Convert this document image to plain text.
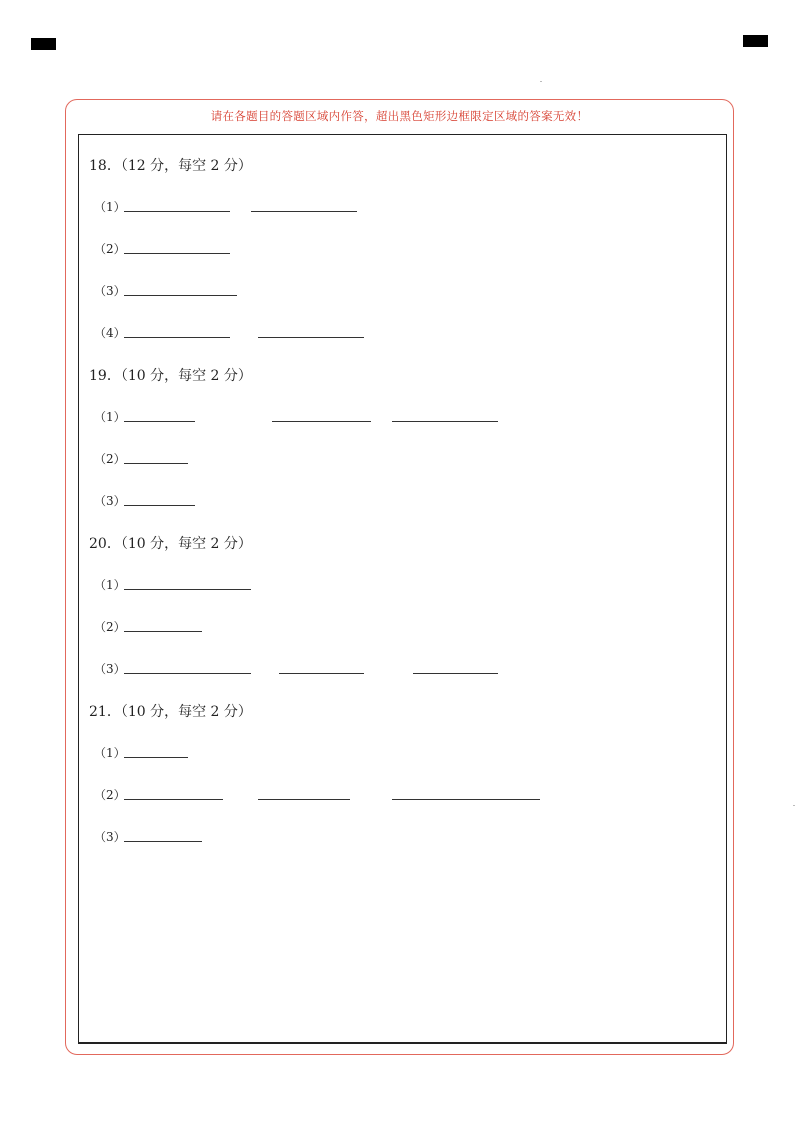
请在各题目的答题区域内作答，超出黑色矩形边框限定区域的答案无效！
18．（12 分，每空 2 分）
（1）
（2）
（3）
（4）
19．（10 分，每空 2 分）
（1）
（2）
（3）
20．（10 分，每空 2 分）
（1）
（2）
（3）
21．（10 分，每空 2 分）
（1）
（2）
（3）
